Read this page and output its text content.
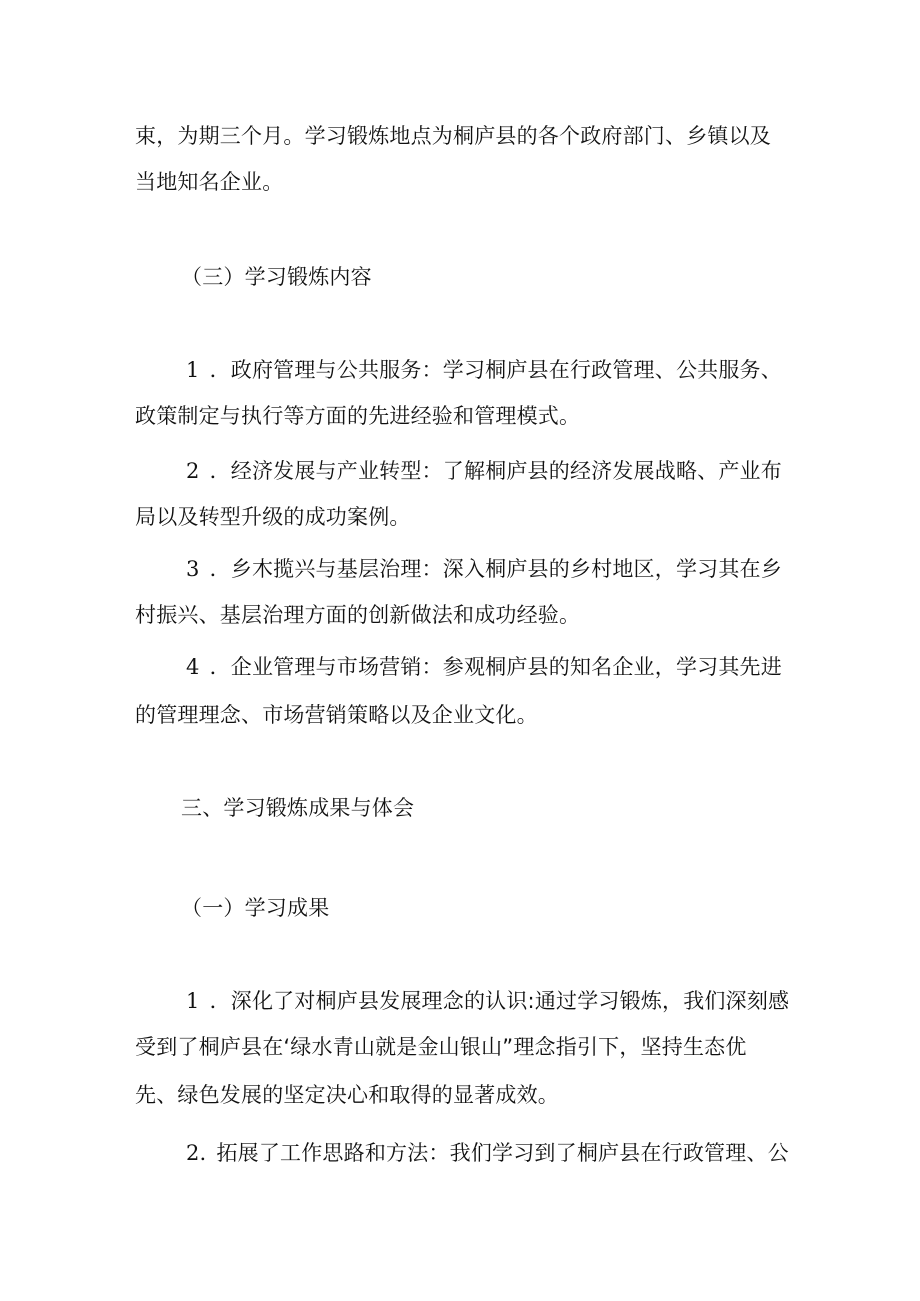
束，为期三个月。学习锻炼地点为桐庐县的各个政府部门、乡镇以及
当地知名企业。
（三）学习锻炼内容
1 ．政府管理与公共服务：学习桐庐县在行政管理、公共服务、
政策制定与执行等方面的先进经验和管理模式。
2 ．经济发展与产业转型：了解桐庐县的经济发展战略、产业布
局以及转型升级的成功案例。
3 ．乡木揽兴与基层治理：深入桐庐县的乡村地区，学习其在乡
村振兴、基层治理方面的创新做法和成功经验。
4 ．企业管理与市场营销：参观桐庐县的知名企业，学习其先进
的管理理念、市场营销策略以及企业文化。
三、学习锻炼成果与体会
（一）学习成果
1 ．深化了对桐庐县发展理念的认识:通过学习锻炼，我们深刻感
受到了桐庐县在‘绿水青山就是金山银山”理念指引下，坚持生态优
先、绿色发展的坚定决心和取得的显著成效。
2. 拓展了工作思路和方法：我们学习到了桐庐县在行政管理、公
